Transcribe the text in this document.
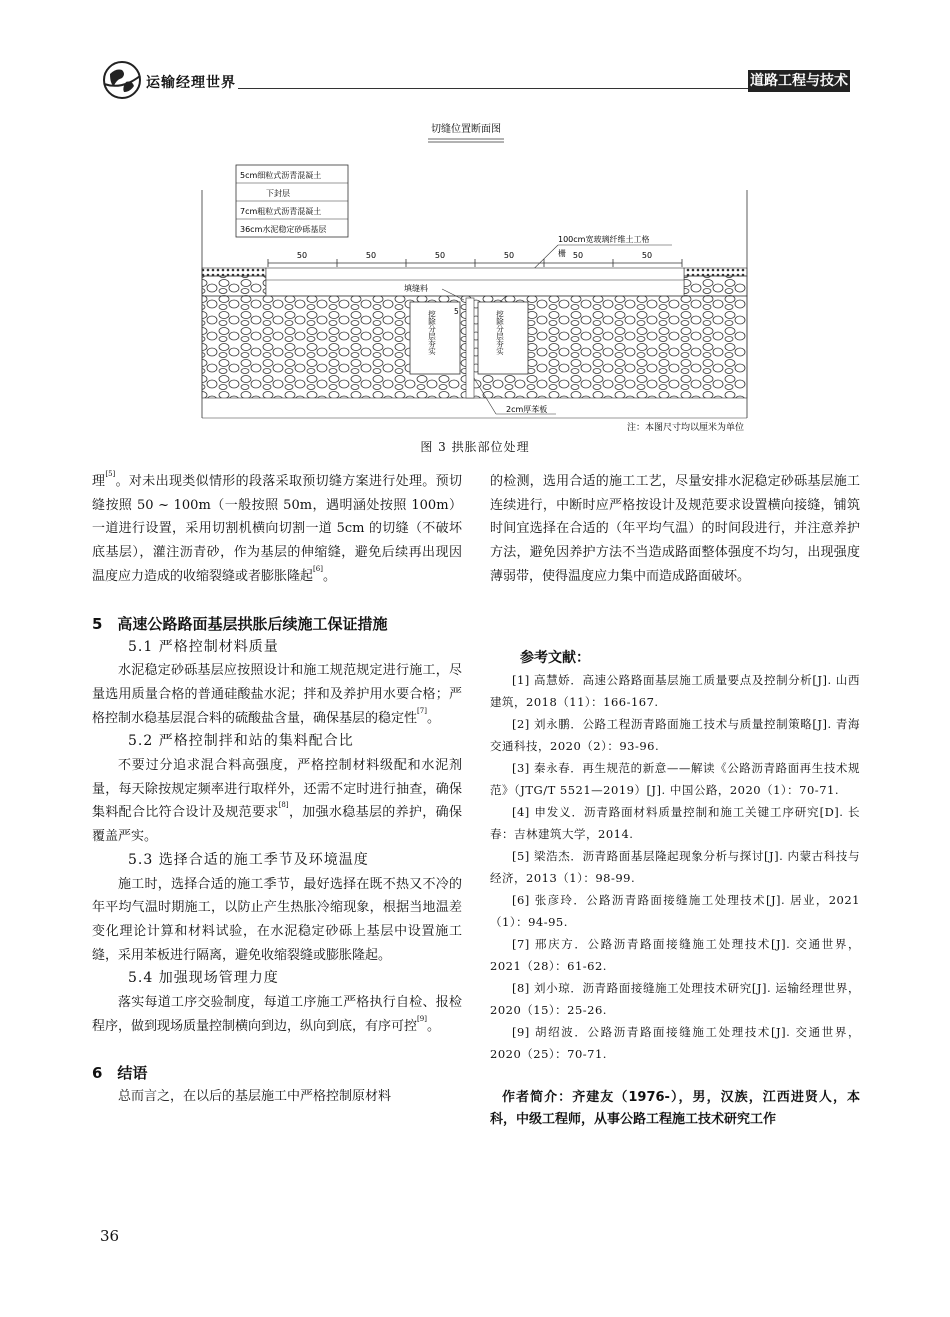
运输经理世界	道路工程与技术
切缝位置断面图
5cm细粒式沥青混凝土
下封层
7cm粗粒式沥青混凝土
36cm水泥稳定砂砾基层
50	50	50	50	50	50
100cm宽玻璃纤维土工格
栅
填缝料
挖除分层夯实	挖除分层夯实
5
2cm厚苯板
注：本图尺寸均以厘米为单位
图 3 拱胀部位处理

理[5]。对未出现类似情形的段落采取预切缝方案进行处理。预切缝按照 50 ~ 100m（一般按照 50m，遇明涵处按照 100m）一道进行设置，采用切割机横向切割一道 5cm 的切缝（不破坏底基层），灌注沥青砂，作为基层的伸缩缝，避免后续再出现因温度应力造成的收缩裂缝或者膨胀隆起[6]。

5　高速公路路面基层拱胀后续施工保证措施

5.1 严格控制材料质量

水泥稳定砂砾基层应按照设计和施工规范规定进行施工，尽量选用质量合格的普通硅酸盐水泥；拌和及养护用水要合格；严格控制水稳基层混合料的硫酸盐含量，确保基层的稳定性[7]。

5.2 严格控制拌和站的集料配合比

不要过分追求混合料高强度，严格控制材料级配和水泥剂量，每天除按规定频率进行取样外，还需不定时进行抽查，确保集料配合比符合设计及规范要求[8]，加强水稳基层的养护，确保覆盖严实。

5.3 选择合适的施工季节及环境温度

施工时，选择合适的施工季节，最好选择在既不热又不冷的年平均气温时期施工，以防止产生热胀冷缩现象，根据当地温差变化理论计算和材料试验，在水泥稳定砂砾上基层中设置施工缝，采用苯板进行隔离，避免收缩裂缝或膨胀隆起。

5.4 加强现场管理力度

落实每道工序交验制度，每道工序施工严格执行自检、报检程序，做到现场质量控制横向到边，纵向到底，有序可控[9]。

6　结语

总而言之，在以后的基层施工中严格控制原材料

的检测，选用合适的施工工艺，尽量安排水泥稳定砂砾基层施工连续进行，中断时应严格按设计及规范要求设置横向接缝，铺筑时间宜选择在合适的（年平均气温）的时间段进行，并注意养护方法，避免因养护方法不当造成路面整体强度不均匀，出现强度薄弱带，使得温度应力集中而造成路面破坏。

参考文献：

[1] 高慧娇．高速公路路面基层施工质量要点及控制分析[J]. 山西建筑，2018（11）：166-167.

[2] 刘永鹏．公路工程沥青路面施工技术与质量控制策略[J]. 青海交通科技，2020（2）：93-96.

[3] 秦永春．再生规范的新意——解读《公路沥青路面再生技术规范》（JTG/T 5521—2019）[J]. 中国公路，2020（1）：70-71.

[4] 申发义．沥青路面材料质量控制和施工关键工序研究[D]. 长春：吉林建筑大学，2014.

[5] 梁浩杰．沥青路面基层隆起现象分析与探讨[J]. 内蒙古科技与经济，2013（1）：98-99.

[6] 张彦玲．公路沥青路面接缝施工处理技术[J]. 居业，2021（1）：94-95.

[7] 邢庆方．公路沥青路面接缝施工处理技术[J]. 交通世界，2021（28）：61-62.

[8] 刘小琼．沥青路面接缝施工处理技术研究[J]. 运输经理世界，2020（15）：25-26.

[9] 胡绍波．公路沥青路面接缝施工处理技术[J]. 交通世界，2020（25）：70-71.

作者简介：齐建友（1976-），男，汉族，江西进贤人，本科，中级工程师，从事公路工程施工技术研究工作

36
